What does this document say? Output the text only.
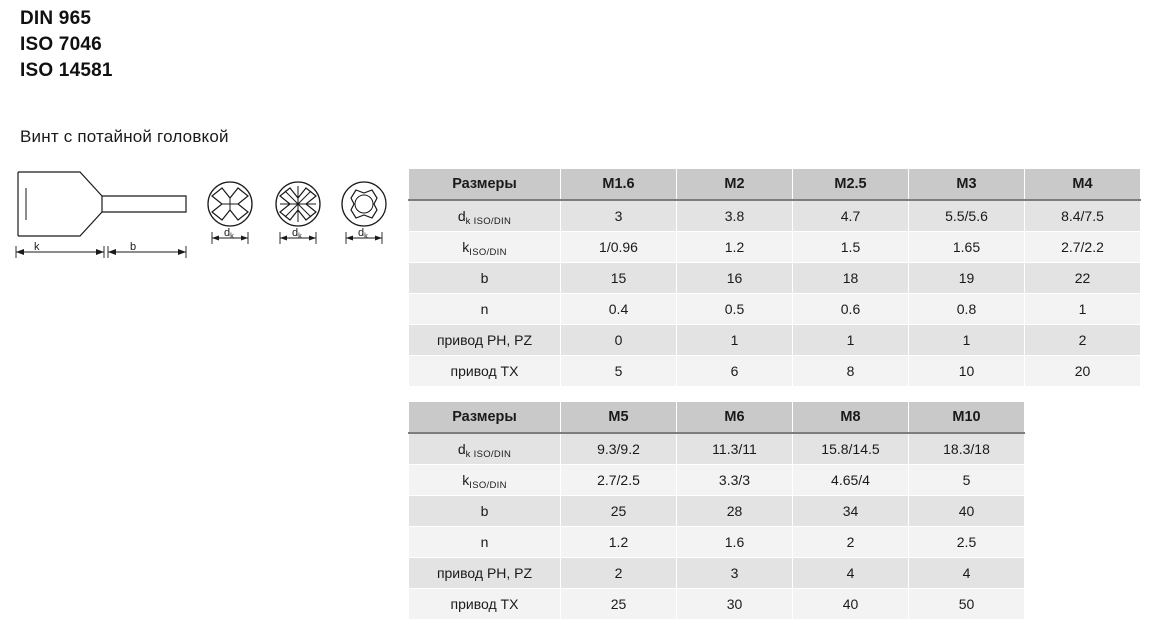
DIN 965
ISO 7046
ISO 14581
Винт с потайной головкой
k	b
dk	dk	dk
Размеры	M1.6	M2	M2.5	M3	M4
$d_{k ISO/DIN}$	3	3.8	4.7	5.5/5.6	8.4/7.5
$k_{ISO/DIN}$	1/0.96	1.2	1.5	1.65	2.7/2.2
b	15	16	18	19	22
n	0.4	0.5	0.6	0.8	1
привод PH, PZ	0	1	1	1	2
привод TX	5	6	8	10	20
Размеры	M5	M6	M8	M10
$d_{k ISO/DIN}$	9.3/9.2	11.3/11	15.8/14.5	18.3/18
$k_{ISO/DIN}$	2.7/2.5	3.3/3	4.65/4	5
b	25	28	34	40
n	1.2	1.6	2	2.5
привод PH, PZ	2	3	4	4
привод TX	25	30	40	50
